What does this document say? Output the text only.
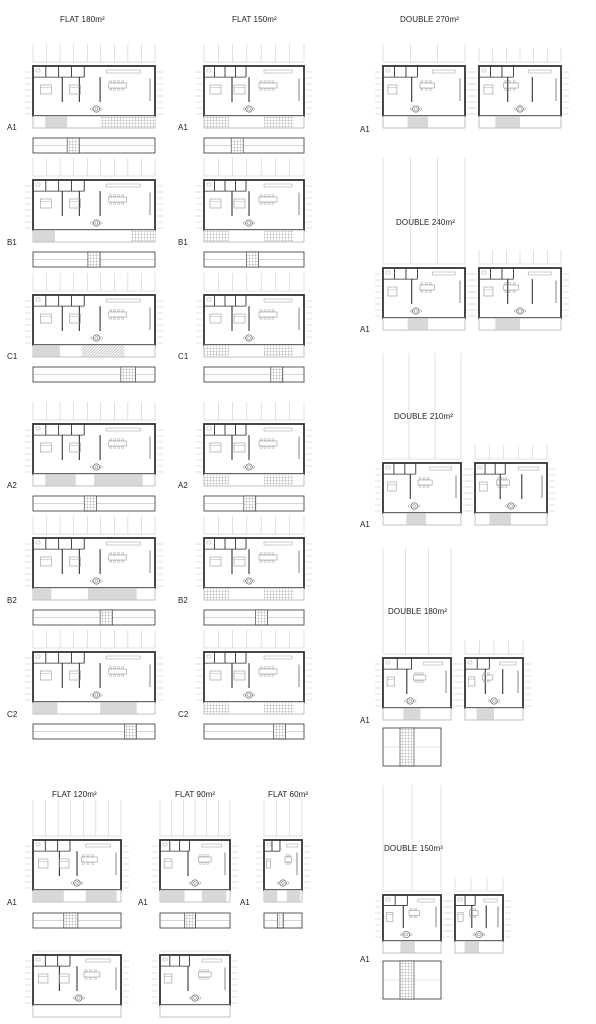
FLAT 180m²	FLAT 150m²	DOUBLE 270m²
DOUBLE 240m²
DOUBLE 210m²
DOUBLE 180m²
DOUBLE 150m²
FLAT 120m²	FLAT 90m²	FLAT 60m²
A1	A1
B1	B1
C1	C1
A2	A2
B2	B2
C2	C2
A1
A1
A1
A1
A1
A1	A1	A1
